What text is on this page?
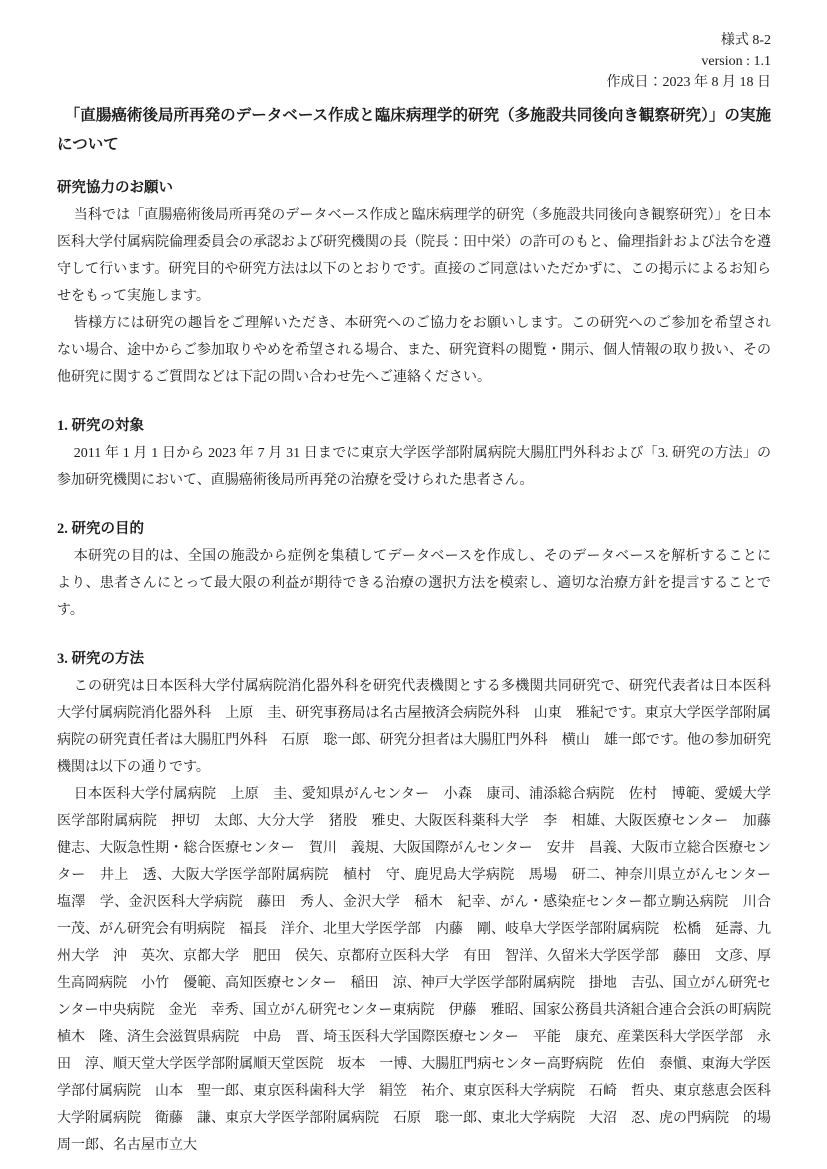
様式 8-2
version : 1.1
作成日：2023 年 8 月 18 日
「直腸癌術後局所再発のデータベース作成と臨床病理学的研究（多施設共同後向き観察研究）」の実施について
研究協力のお願い

当科では「直腸癌術後局所再発のデータベース作成と臨床病理学的研究（多施設共同後向き観察研究）」を日本医科大学付属病院倫理委員会の承認および研究機関の長（院長：田中栄）の許可のもと、倫理指針および法令を遵守して行います。研究目的や研究方法は以下のとおりです。直接のご同意はいただかずに、この掲示によるお知らせをもって実施します。

皆様方には研究の趣旨をご理解いただき、本研究へのご協力をお願いします。この研究へのご参加を希望されない場合、途中からご参加取りやめを希望される場合、また、研究資料の閲覧・開示、個人情報の取り扱い、その他研究に関するご質問などは下記の問い合わせ先へご連絡ください。

1. 研究の対象

2011 年 1 月 1 日から 2023 年 7 月 31 日までに東京大学医学部附属病院大腸肛門外科および「3. 研究の方法」の参加研究機関において、直腸癌術後局所再発の治療を受けられた患者さん。

2. 研究の目的

本研究の目的は、全国の施設から症例を集積してデータベースを作成し、そのデータベースを解析することにより、患者さんにとって最大限の利益が期待できる治療の選択方法を模索し、適切な治療方針を提言することです。

3. 研究の方法

この研究は日本医科大学付属病院消化器外科を研究代表機関とする多機関共同研究で、研究代表者は日本医科大学付属病院消化器外科　上原　圭、研究事務局は名古屋掖済会病院外科　山東　雅紀です。東京大学医学部附属病院の研究責任者は大腸肛門外科　石原　聡一郎、研究分担者は大腸肛門外科　横山　雄一郎です。他の参加研究機関は以下の通りです。

日本医科大学付属病院　上原　圭、愛知県がんセンター　小森　康司、浦添総合病院　佐村　博範、愛媛大学医学部附属病院　押切　太郎、大分大学　猪股　雅史、大阪医科薬科大学　李　相雄、大阪医療センター　加藤　健志、大阪急性期・総合医療センター　賀川　義規、大阪国際がんセンター　安井　昌義、大阪市立総合医療センター　井上　透、大阪大学医学部附属病院　植村　守、鹿児島大学病院　馬場　研二、神奈川県立がんセンター　塩澤　学、金沢医科大学病院　藤田　秀人、金沢大学　稲木　紀幸、がん・感染症センター都立駒込病院　川合　一茂、がん研究会有明病院　福長　洋介、北里大学医学部　内藤　剛、岐阜大学医学部附属病院　松橋　延壽、九州大学　沖　英次、京都大学　肥田　侯矢、京都府立医科大学　有田　智洋、久留米大学医学部　藤田　文彦、厚生高岡病院　小竹　優範、高知医療センター　稲田　涼、神戸大学医学部附属病院　掛地　吉弘、国立がん研究センター中央病院　金光　幸秀、国立がん研究センター東病院　伊藤　雅昭、国家公務員共済組合連合会浜の町病院　植木　隆、済生会滋賀県病院　中島　晋、埼玉医科大学国際医療センター　平能　康充、産業医科大学医学部　永田　淳、順天堂大学医学部附属順天堂医院　坂本　一博、大腸肛門病センター高野病院　佐伯　泰愼、東海大学医学部付属病院　山本　聖一郎、東京医科歯科大学　絹笠　祐介、東京医科大学病院　石崎　哲央、東京慈恵会医科大学附属病院　衛藤　謙、東京大学医学部附属病院　石原　聡一郎、東北大学病院　大沼　忍、虎の門病院　的場　周一郎、名古屋市立大
